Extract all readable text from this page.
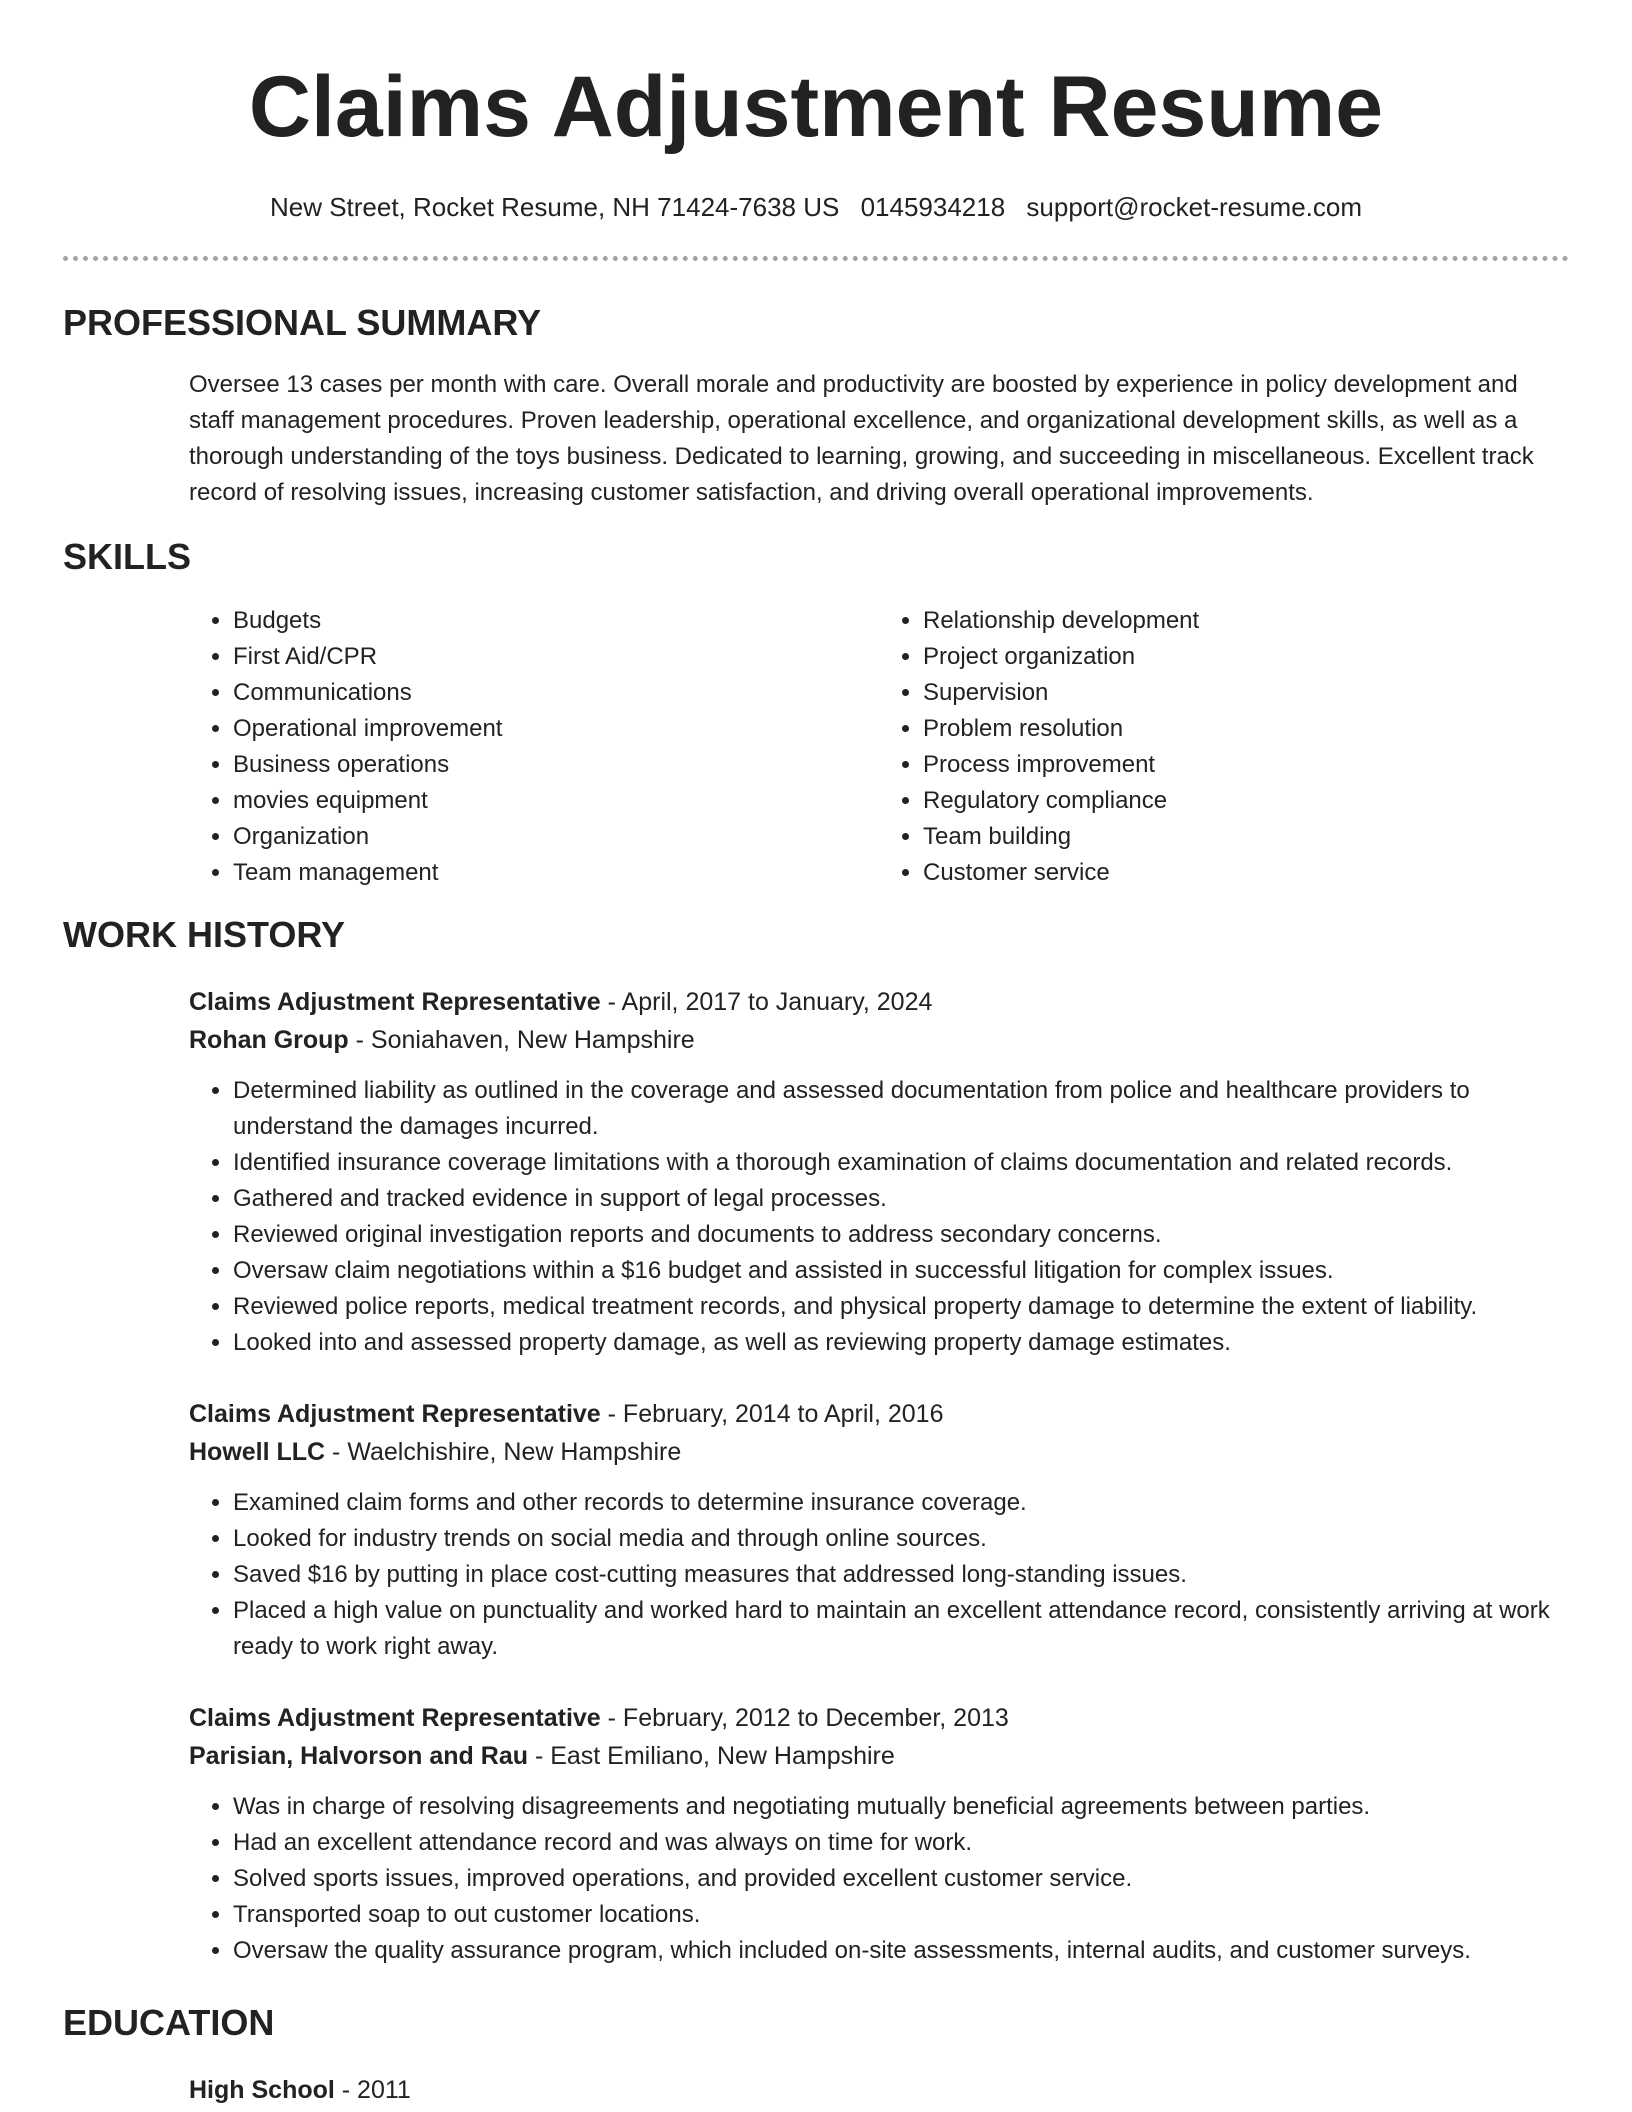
Claims Adjustment Resume
New Street, Rocket Resume, NH 71424-7638 US 0145934218 support@rocket-resume.com
PROFESSIONAL SUMMARY
Oversee 13 cases per month with care. Overall morale and productivity are boosted by experience in policy development and staff management procedures. Proven leadership, operational excellence, and organizational development skills, as well as a thorough understanding of the toys business. Dedicated to learning, growing, and succeeding in miscellaneous. Excellent track record of resolving issues, increasing customer satisfaction, and driving overall operational improvements.
SKILLS
• Budgets
• First Aid/CPR
• Communications
• Operational improvement
• Business operations
• movies equipment
• Organization
• Team management
• Relationship development
• Project organization
• Supervision
• Problem resolution
• Process improvement
• Regulatory compliance
• Team building
• Customer service
WORK HISTORY
Claims Adjustment Representative - April, 2017 to January, 2024
Rohan Group - Soniahaven, New Hampshire
• Determined liability as outlined in the coverage and assessed documentation from police and healthcare providers to understand the damages incurred.
• Identified insurance coverage limitations with a thorough examination of claims documentation and related records.
• Gathered and tracked evidence in support of legal processes.
• Reviewed original investigation reports and documents to address secondary concerns.
• Oversaw claim negotiations within a $16 budget and assisted in successful litigation for complex issues.
• Reviewed police reports, medical treatment records, and physical property damage to determine the extent of liability.
• Looked into and assessed property damage, as well as reviewing property damage estimates.
Claims Adjustment Representative - February, 2014 to April, 2016
Howell LLC - Waelchishire, New Hampshire
• Examined claim forms and other records to determine insurance coverage.
• Looked for industry trends on social media and through online sources.
• Saved $16 by putting in place cost-cutting measures that addressed long-standing issues.
• Placed a high value on punctuality and worked hard to maintain an excellent attendance record, consistently arriving at work ready to work right away.
Claims Adjustment Representative - February, 2012 to December, 2013
Parisian, Halvorson and Rau - East Emiliano, New Hampshire
• Was in charge of resolving disagreements and negotiating mutually beneficial agreements between parties.
• Had an excellent attendance record and was always on time for work.
• Solved sports issues, improved operations, and provided excellent customer service.
• Transported soap to out customer locations.
• Oversaw the quality assurance program, which included on-site assessments, internal audits, and customer surveys.
EDUCATION
High School - 2011
